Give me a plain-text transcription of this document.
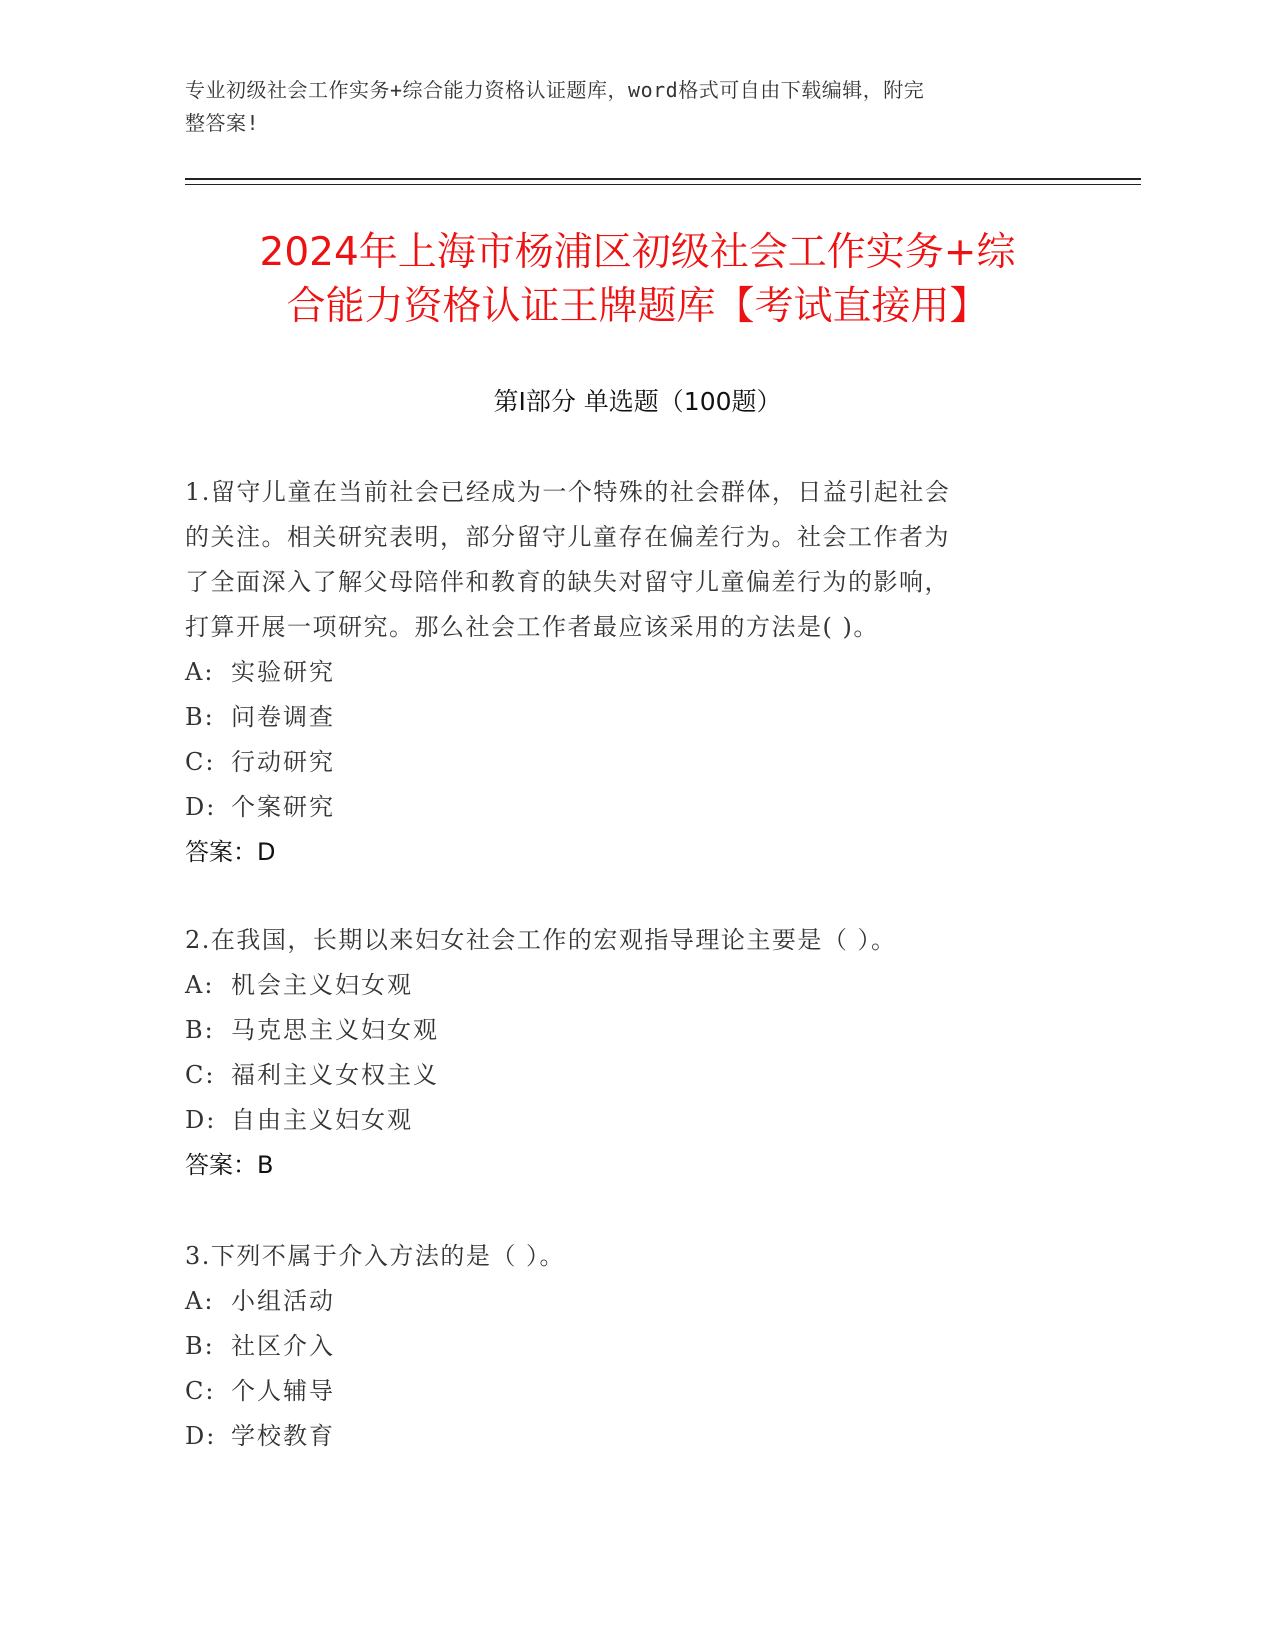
专业初级社会工作实务+综合能力资格认证题库，word格式可自由下载编辑，附完
整答案!
2024年上海市杨浦区初级社会工作实务+综
合能力资格认证王牌题库【考试直接用】
第I部分 单选题（100题）
1.留守儿童在当前社会已经成为一个特殊的社会群体，日益引起社会
的关注。相关研究表明，部分留守儿童存在偏差行为。社会工作者为
了全面深入了解父母陪伴和教育的缺失对留守儿童偏差行为的影响，
打算开展一项研究。那么社会工作者最应该采用的方法是( )。
A: 实验研究
B: 问卷调查
C: 行动研究
D: 个案研究
答案：D
2.在我国，长期以来妇女社会工作的宏观指导理论主要是（ ）。
A: 机会主义妇女观
B: 马克思主义妇女观
C: 福利主义女权主义
D: 自由主义妇女观
答案：B
3.下列不属于介入方法的是（ ）。
A: 小组活动
B: 社区介入
C: 个人辅导
D: 学校教育
